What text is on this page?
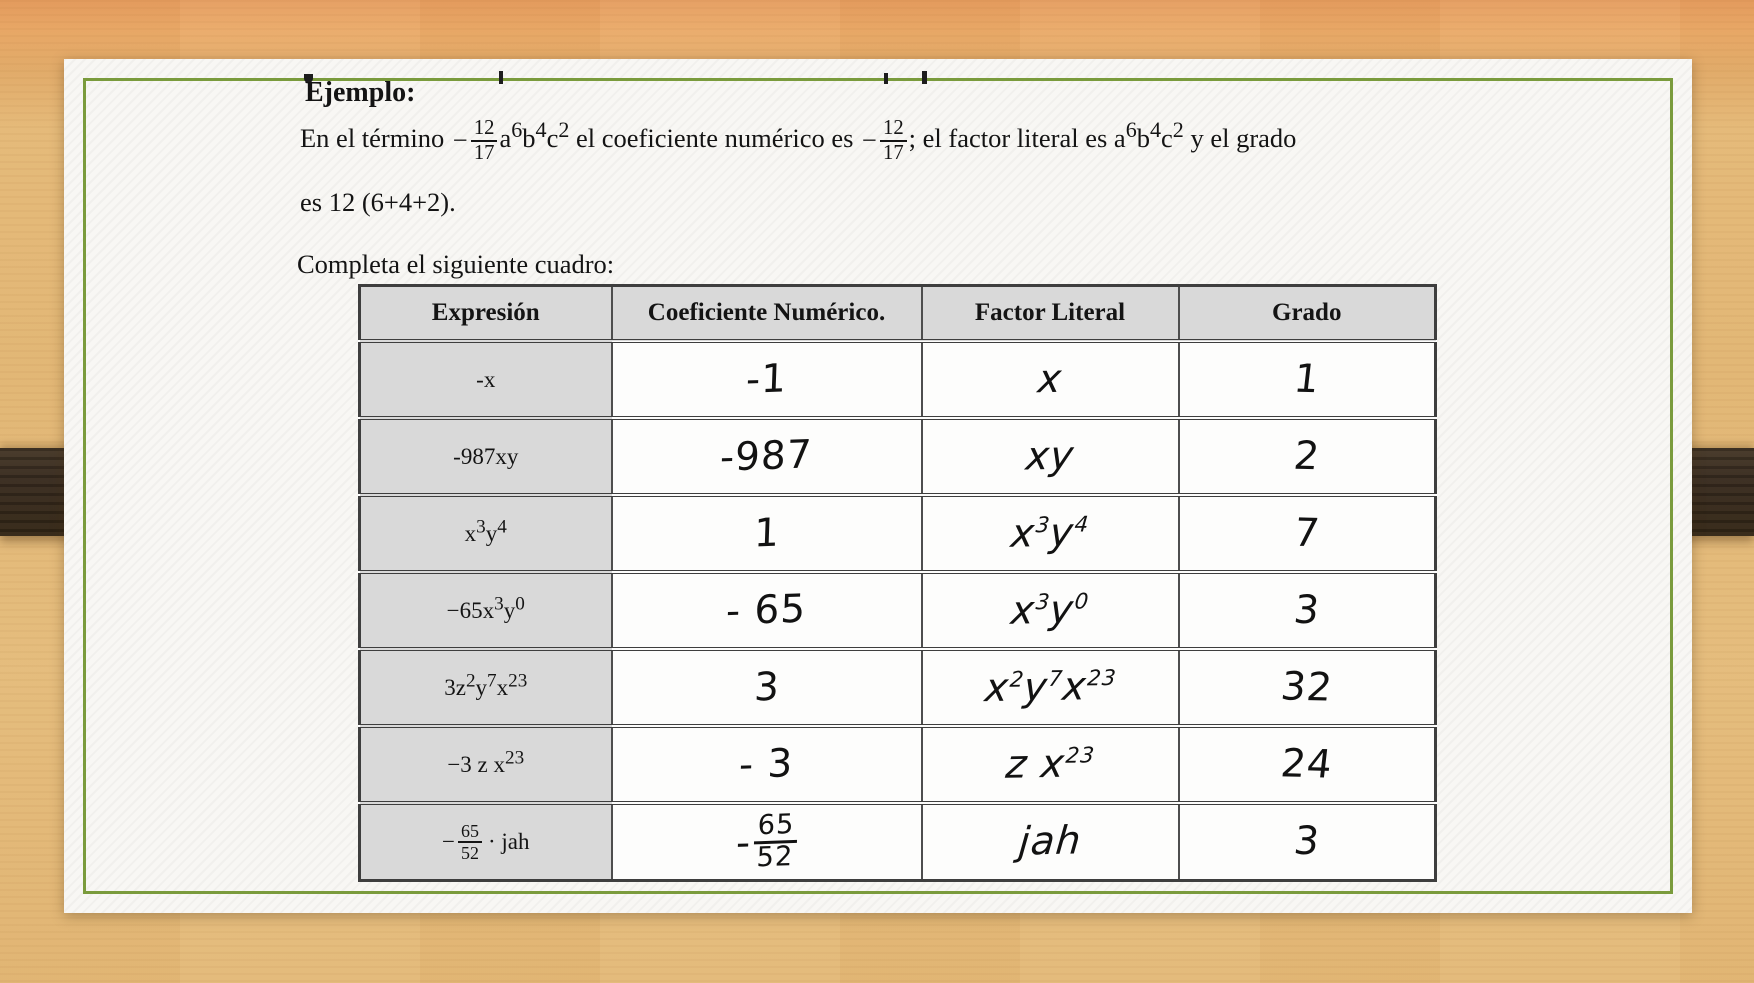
Ejemplo:

En el término − $\frac{12}{17} a^6b^4c^2$ el coeficiente numérico es − $\frac{12}{17}$ ; el factor literal es $a^6b^4c^2$ y el grado

es 12 (6+4+2).

Completa el siguiente cuadro:

Expresión	Coeficiente Numérico.	Factor Literal	Grado
-x	-1	x	1
-987xy	-987	xy	2
$x^3y^4$	1	$x^3y^4$	7
$-65x^3y^0$	- 65	$x^3y^0$	3
$3z^2y^7x^{23}$	3	$x^2y^7x^{23}$	32
−3 z $x^{23}$	- 3	z $x^{23}$	24

− $\frac{65}{52}$ · jah	- $\frac{65}{52}$	jah	3
